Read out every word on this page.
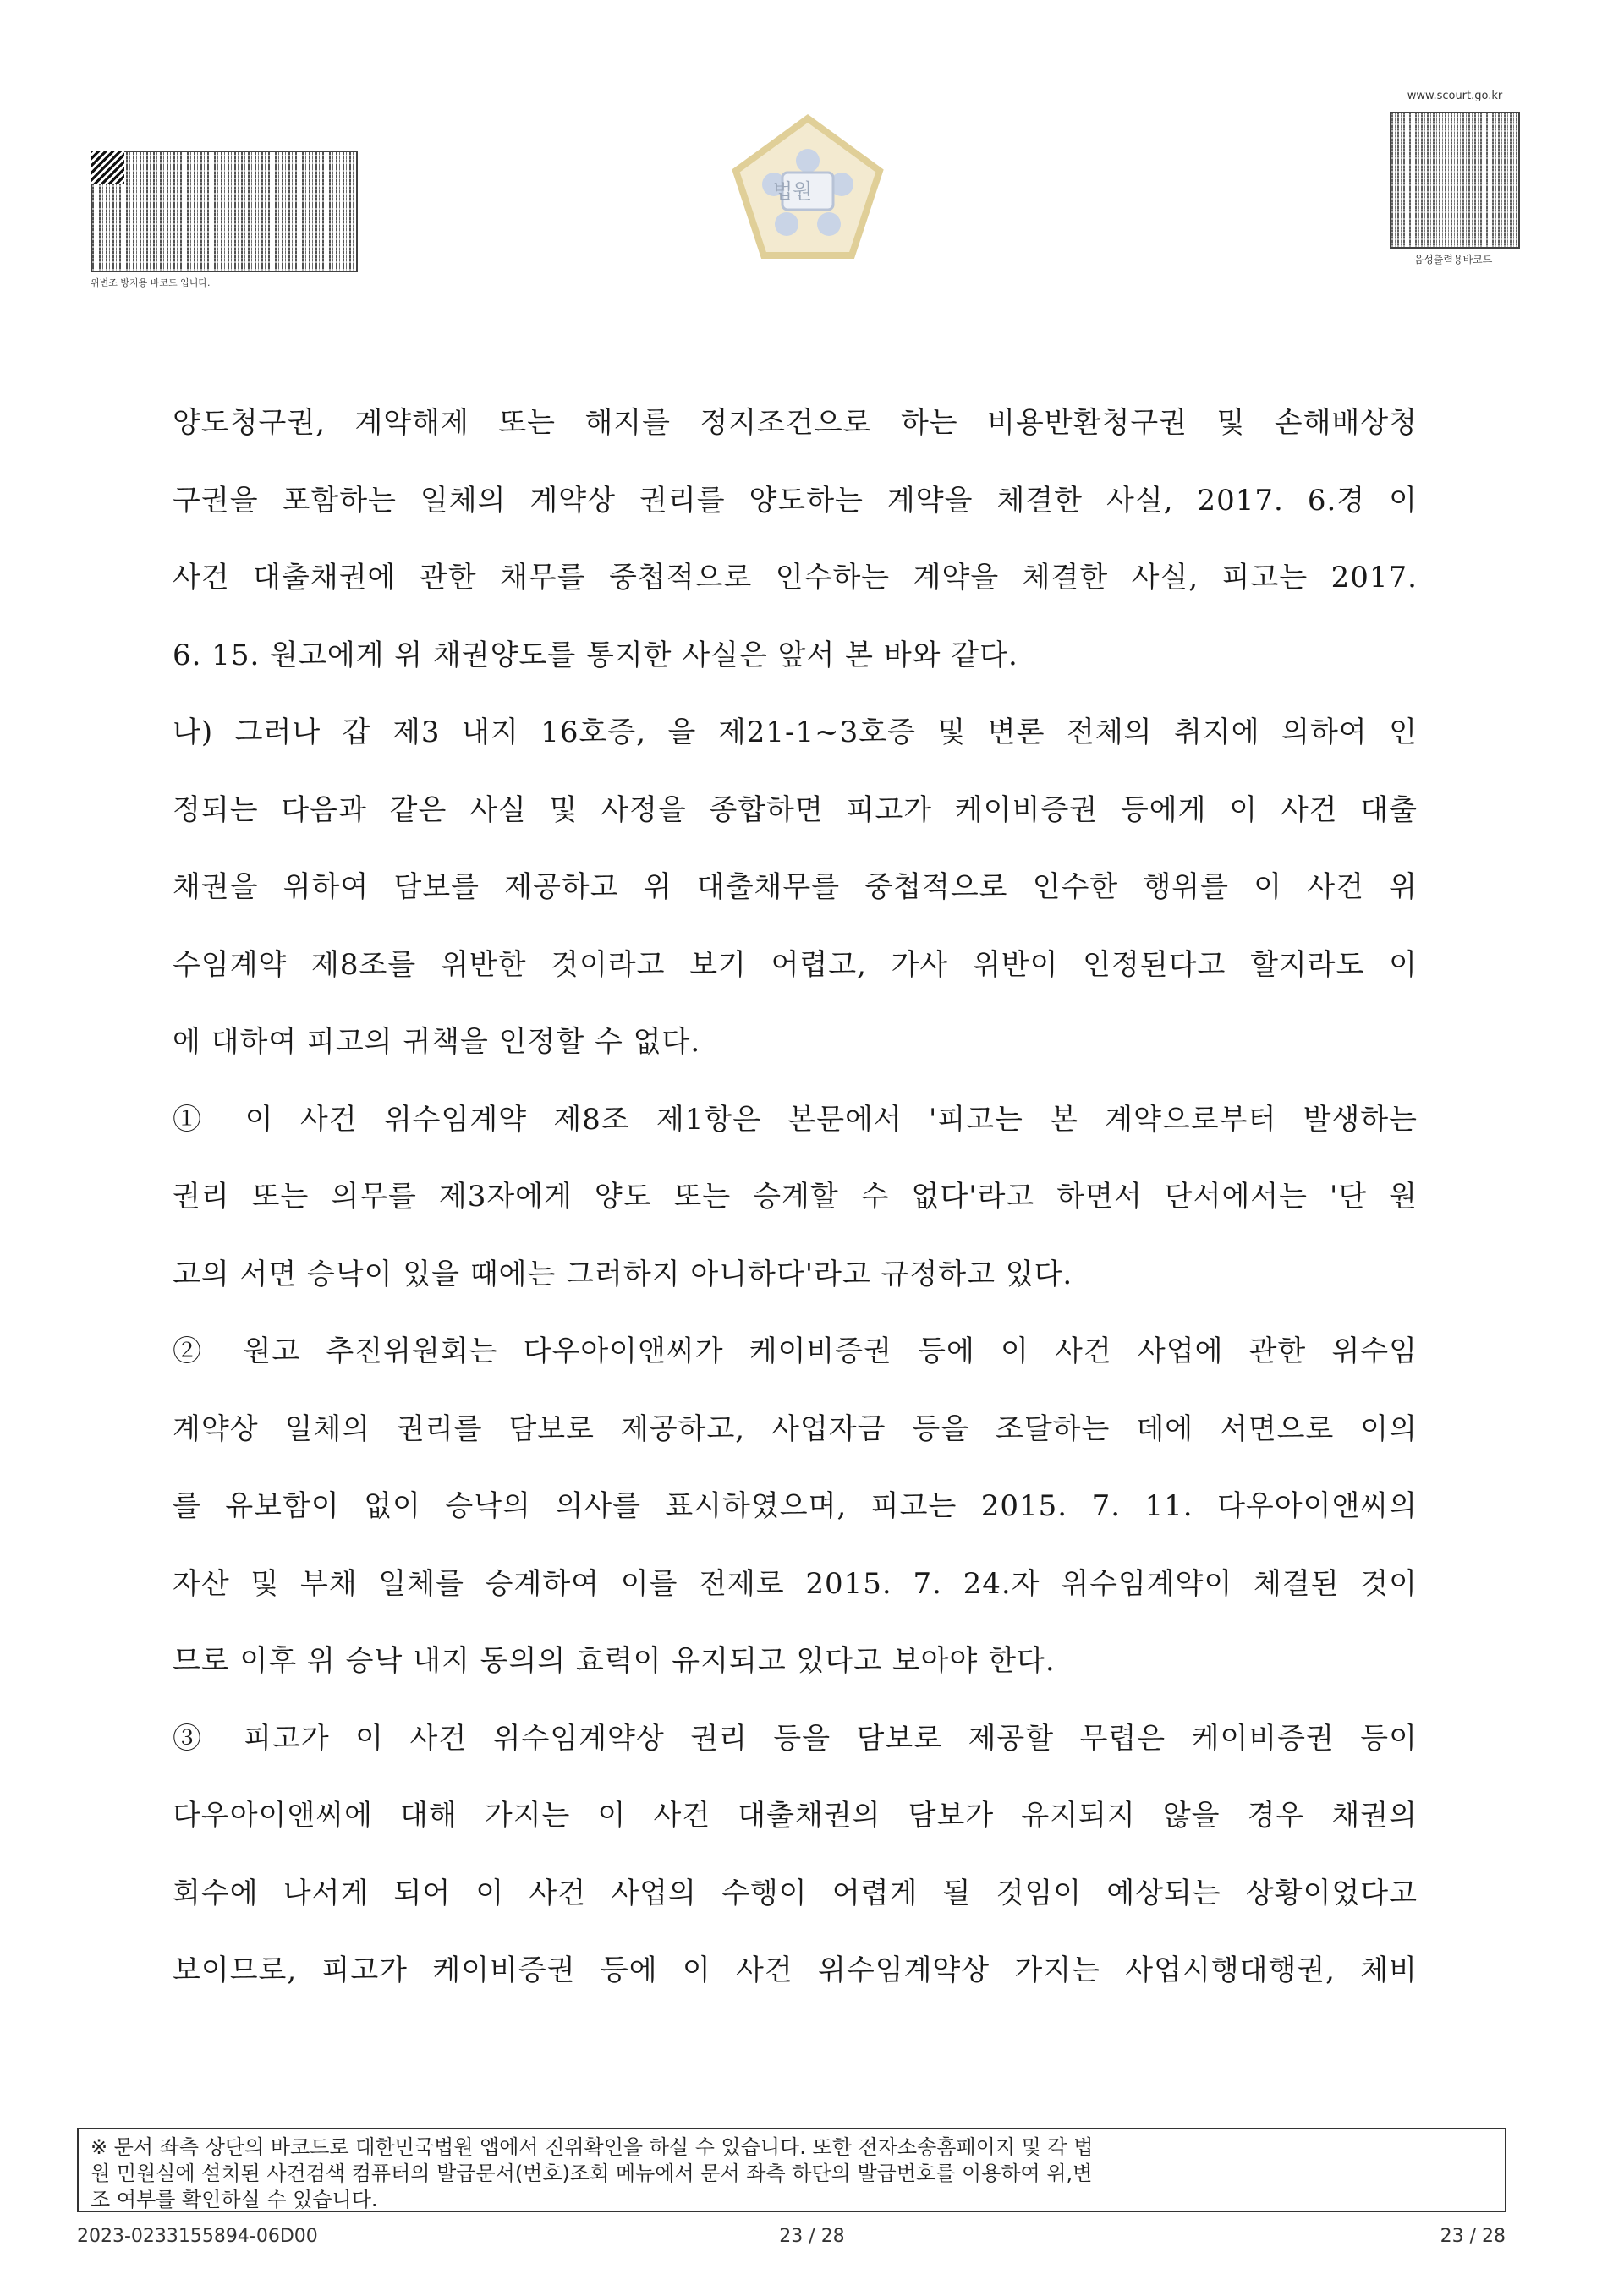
위변조 방지용 바코드 입니다.
법원
www.scourt.go.kr
음성출력용바코드
양도청구권, 계약해제 또는 해지를 정지조건으로 하는 비용반환청구권 및 손해배상청
구권을 포함하는 일체의 계약상 권리를 양도하는 계약을 체결한 사실, 2017. 6.경 이
사건 대출채권에 관한 채무를 중첩적으로 인수하는 계약을 체결한 사실, 피고는 2017.
6. 15. 원고에게 위 채권양도를 통지한 사실은 앞서 본 바와 같다.
나) 그러나 갑 제3 내지 16호증, 을 제21-1~3호증 및 변론 전체의 취지에 의하여 인
정되는 다음과 같은 사실 및 사정을 종합하면 피고가 케이비증권 등에게 이 사건 대출
채권을 위하여 담보를 제공하고 위 대출채무를 중첩적으로 인수한 행위를 이 사건 위
수임계약 제8조를 위반한 것이라고 보기 어렵고, 가사 위반이 인정된다고 할지라도 이
에 대하여 피고의 귀책을 인정할 수 없다.
① 이 사건 위수임계약 제8조 제1항은 본문에서 '피고는 본 계약으로부터 발생하는
권리 또는 의무를 제3자에게 양도 또는 승계할 수 없다'라고 하면서 단서에서는 '단 원
고의 서면 승낙이 있을 때에는 그러하지 아니하다'라고 규정하고 있다.
② 원고 추진위원회는 다우아이앤씨가 케이비증권 등에 이 사건 사업에 관한 위수임
계약상 일체의 권리를 담보로 제공하고, 사업자금 등을 조달하는 데에 서면으로 이의
를 유보함이 없이 승낙의 의사를 표시하였으며, 피고는 2015. 7. 11. 다우아이앤씨의
자산 및 부채 일체를 승계하여 이를 전제로 2015. 7. 24.자 위수임계약이 체결된 것이
므로 이후 위 승낙 내지 동의의 효력이 유지되고 있다고 보아야 한다.
③ 피고가 이 사건 위수임계약상 권리 등을 담보로 제공할 무렵은 케이비증권 등이
다우아이앤씨에 대해 가지는 이 사건 대출채권의 담보가 유지되지 않을 경우 채권의
회수에 나서게 되어 이 사건 사업의 수행이 어렵게 될 것임이 예상되는 상황이었다고
보이므로, 피고가 케이비증권 등에 이 사건 위수임계약상 가지는 사업시행대행권, 체비
※ 문서 좌측 상단의 바코드로 대한민국법원 앱에서 진위확인을 하실 수 있습니다. 또한 전자소송홈페이지 및 각 법
원 민원실에 설치된 사건검색 컴퓨터의 발급문서(번호)조회 메뉴에서 문서 좌측 하단의 발급번호를 이용하여 위,변
조 여부를 확인하실 수 있습니다.
2023-0233155894-06D00	23 / 28	23 / 28
